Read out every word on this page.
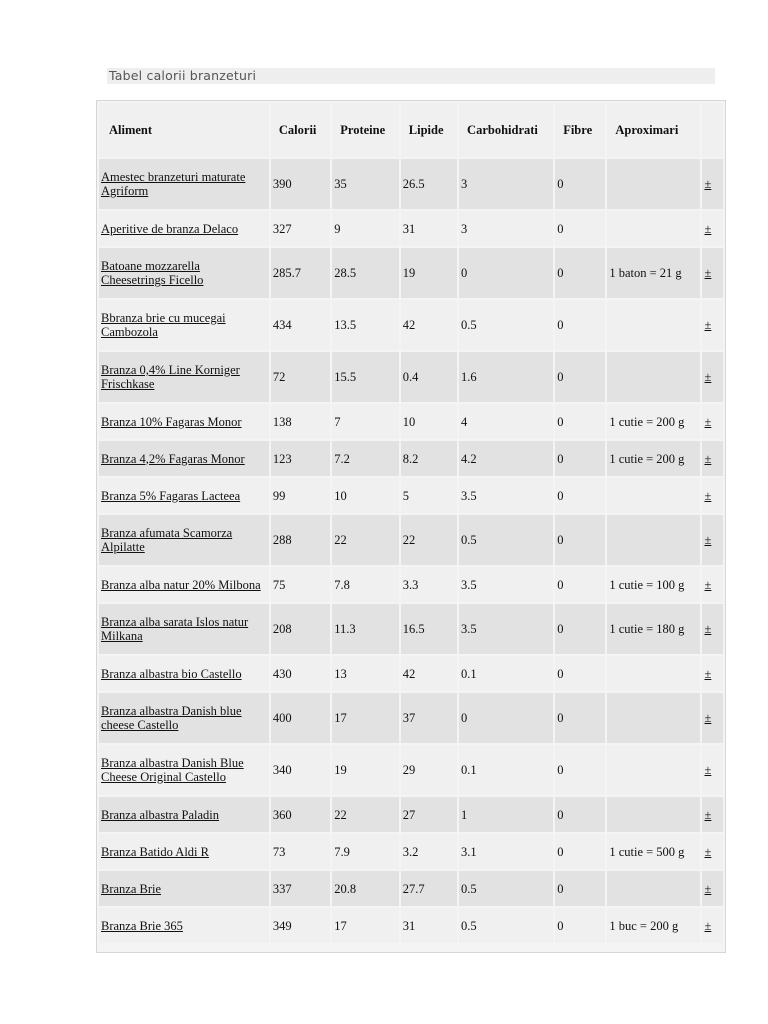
Tabel calorii branzeturi
Aliment	Calorii	Proteine	Lipide	Carbohidrati	Fibre	Aproximari	
Amestec branzeturi maturate Agriform	390	35	26.5	3	0		±
Aperitive de branza Delaco	327	9	31	3	0		±
Batoane mozzarella Cheesetrings Ficello	285.7	28.5	19	0	0	1 baton = 21 g	±
Bbranza brie cu mucegai Cambozola	434	13.5	42	0.5	0		±
Branza 0,4% Line Korniger Frischkase	72	15.5	0.4	1.6	0		±
Branza 10% Fagaras Monor	138	7	10	4	0	1 cutie = 200 g	±
Branza 4,2% Fagaras Monor	123	7.2	8.2	4.2	0	1 cutie = 200 g	±
Branza 5% Fagaras Lacteea	99	10	5	3.5	0		±
Branza afumata Scamorza Alpilatte	288	22	22	0.5	0		±
Branza alba natur 20% Milbona	75	7.8	3.3	3.5	0	1 cutie = 100 g	±
Branza alba sarata Islos natur Milkana	208	11.3	16.5	3.5	0	1 cutie = 180 g	±
Branza albastra bio Castello	430	13	42	0.1	0		±
Branza albastra Danish blue cheese Castello	400	17	37	0	0		±
Branza albastra Danish Blue Cheese Original Castello	340	19	29	0.1	0		±
Branza albastra Paladin	360	22	27	1	0		±
Branza Batido Aldi R	73	7.9	3.2	3.1	0	1 cutie = 500 g	±
Branza Brie	337	20.8	27.7	0.5	0		±
Branza Brie 365	349	17	31	0.5	0	1 buc = 200 g	±
